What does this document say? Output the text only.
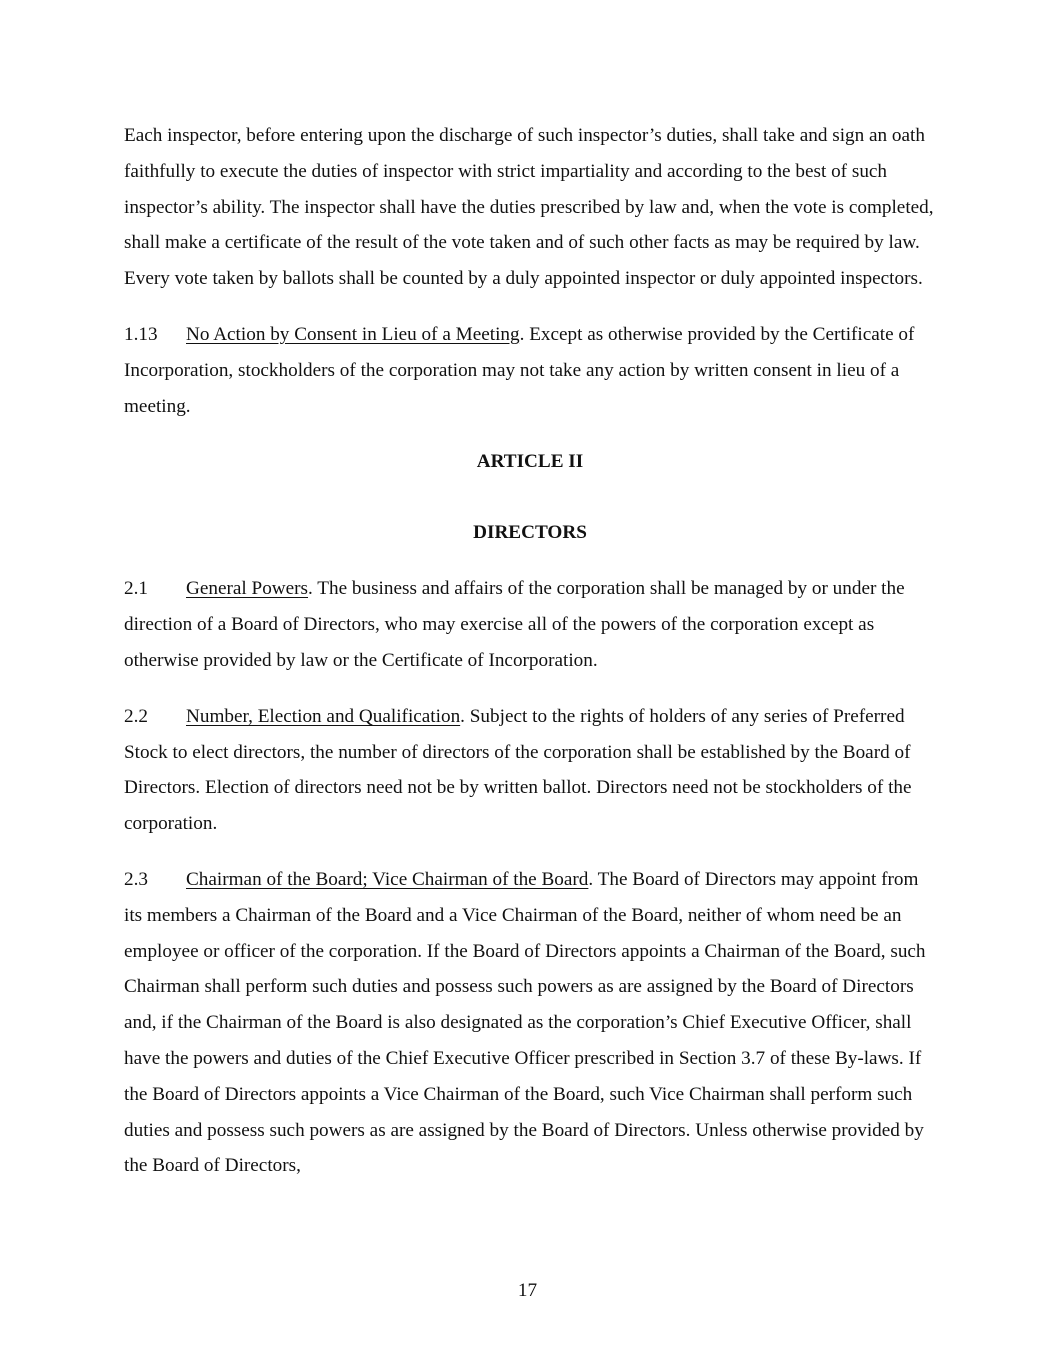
Each inspector, before entering upon the discharge of such inspector’s duties, shall take and sign an oath faithfully to execute the duties of inspector with strict impartiality and according to the best of such inspector’s ability. The inspector shall have the duties prescribed by law and, when the vote is completed, shall make a certificate of the result of the vote taken and of such other facts as may be required by law. Every vote taken by ballots shall be counted by a duly appointed inspector or duly appointed inspectors.

1.13 No Action by Consent in Lieu of a Meeting. Except as otherwise provided by the Certificate of Incorporation, stockholders of the corporation may not take any action by written consent in lieu of a meeting.

ARTICLE II

DIRECTORS

2.1 General Powers. The business and affairs of the corporation shall be managed by or under the direction of a Board of Directors, who may exercise all of the powers of the corporation except as otherwise provided by law or the Certificate of Incorporation.

2.2 Number, Election and Qualification. Subject to the rights of holders of any series of Preferred Stock to elect directors, the number of directors of the corporation shall be established by the Board of Directors. Election of directors need not be by written ballot. Directors need not be stockholders of the corporation.

2.3 Chairman of the Board; Vice Chairman of the Board. The Board of Directors may appoint from its members a Chairman of the Board and a Vice Chairman of the Board, neither of whom need be an employee or officer of the corporation. If the Board of Directors appoints a Chairman of the Board, such Chairman shall perform such duties and possess such powers as are assigned by the Board of Directors and, if the Chairman of the Board is also designated as the corporation’s Chief Executive Officer, shall have the powers and duties of the Chief Executive Officer prescribed in Section 3.7 of these By-laws. If the Board of Directors appoints a Vice Chairman of the Board, such Vice Chairman shall perform such duties and possess such powers as are assigned by the Board of Directors. Unless otherwise provided by the Board of Directors,

17
